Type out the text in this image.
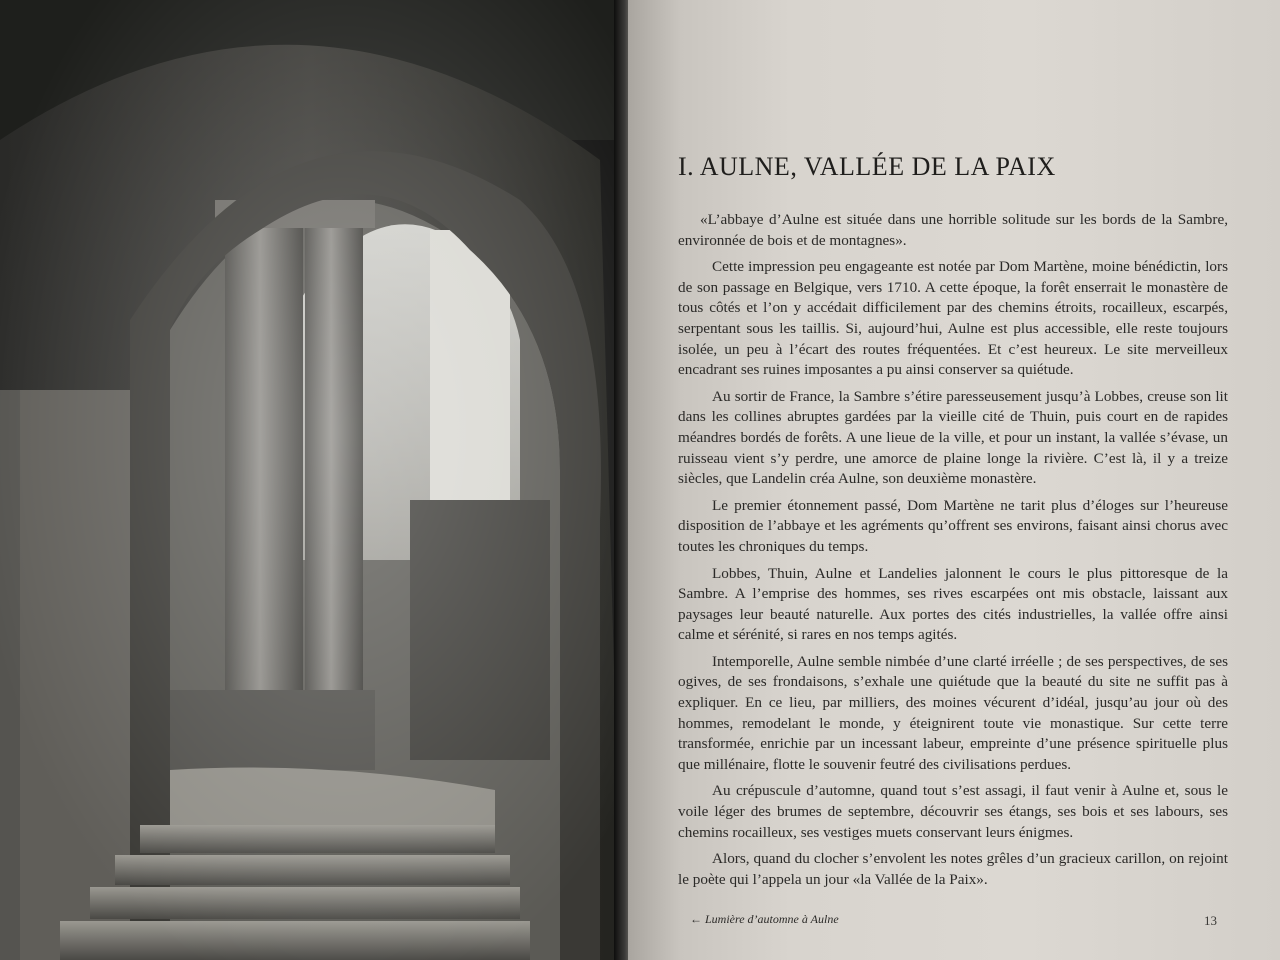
I. AULNE, VALLÉE DE LA PAIX

«L’abbaye d’Aulne est située dans une horrible solitude sur les bords de la Sambre, environnée de bois et de montagnes».

Cette impression peu engageante est notée par Dom Martène, moine bénédictin, lors de son passage en Belgique, vers 1710. A cette époque, la forêt enserrait le monastère de tous côtés et l’on y accédait difficilement par des chemins étroits, rocailleux, escarpés, serpentant sous les taillis. Si, aujourd’hui, Aulne est plus accessible, elle reste toujours isolée, un peu à l’écart des routes fréquentées. Et c’est heureux. Le site merveilleux encadrant ses ruines imposantes a pu ainsi conserver sa quiétude.

Au sortir de France, la Sambre s’étire paresseusement jusqu’à Lobbes, creuse son lit dans les collines abruptes gardées par la vieille cité de Thuin, puis court en de rapides méandres bordés de forêts. A une lieue de la ville, et pour un instant, la vallée s’évase, un ruisseau vient s’y perdre, une amorce de plaine longe la rivière. C’est là, il y a treize siècles, que Landelin créa Aulne, son deuxième monastère.

Le premier étonnement passé, Dom Martène ne tarit plus d’éloges sur l’heureuse disposition de l’abbaye et les agréments qu’offrent ses environs, faisant ainsi chorus avec toutes les chroniques du temps.

Lobbes, Thuin, Aulne et Landelies jalonnent le cours le plus pittoresque de la Sambre. A l’emprise des hommes, ses rives escarpées ont mis obstacle, laissant aux paysages leur beauté naturelle. Aux portes des cités industrielles, la vallée offre ainsi calme et sérénité, si rares en nos temps agités.

Intemporelle, Aulne semble nimbée d’une clarté irréelle ; de ses perspectives, de ses ogives, de ses frondaisons, s’exhale une quiétude que la beauté du site ne suffit pas à expliquer. En ce lieu, par milliers, des moines vécurent d’idéal, jusqu’au jour où des hommes, remodelant le monde, y éteignirent toute vie monastique. Sur cette terre transformée, enrichie par un incessant labeur, empreinte d’une présence spirituelle plus que millénaire, flotte le souvenir feutré des civilisations perdues.

Au crépuscule d’automne, quand tout s’est assagi, il faut venir à Aulne et, sous le voile léger des brumes de septembre, découvrir ses étangs, ses bois et ses labours, ses chemins rocailleux, ses vestiges muets conservant leurs énigmes.

Alors, quand du clocher s’envolent les notes grêles d’un gracieux carillon, on rejoint le poète qui l’appela un jour «la Vallée de la Paix».

← Lumière d’automne à Aulne	13
